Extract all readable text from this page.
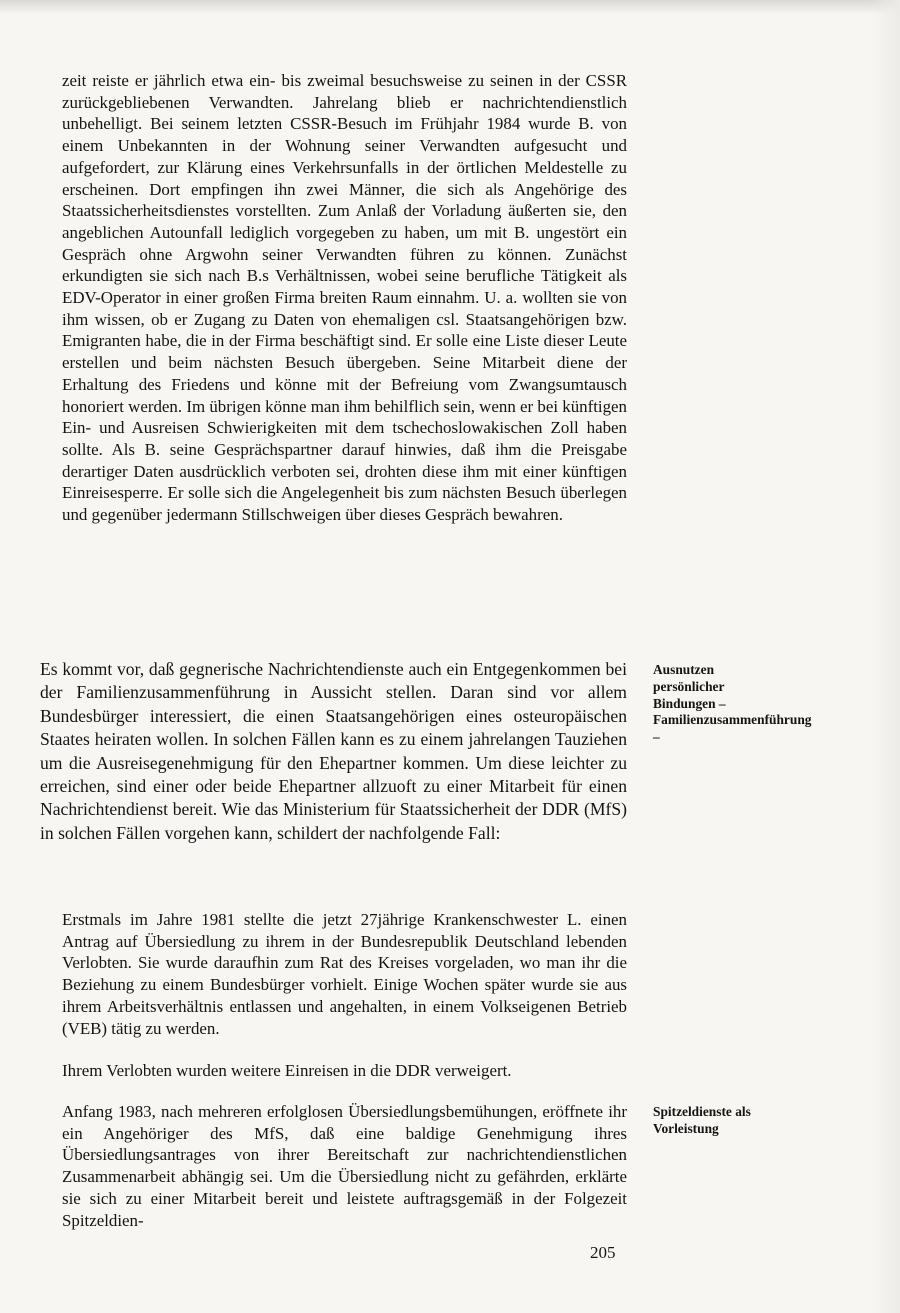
zeit reiste er jährlich etwa ein- bis zweimal besuchsweise zu seinen in der CSSR zurückgebliebenen Verwandten. Jahrelang blieb er nachrichtendienstlich unbehelligt. Bei seinem letzten CSSR-Besuch im Frühjahr 1984 wurde B. von einem Unbekannten in der Wohnung seiner Verwandten aufgesucht und aufgefordert, zur Klärung eines Verkehrsunfalls in der örtlichen Meldestelle zu erscheinen. Dort empfingen ihn zwei Männer, die sich als Angehörige des Staatssicherheitsdienstes vorstellten. Zum Anlaß der Vorladung äußerten sie, den angeblichen Autounfall lediglich vorgegeben zu haben, um mit B. ungestört ein Gespräch ohne Argwohn seiner Verwandten führen zu können. Zunächst erkundigten sie sich nach B.s Verhältnissen, wobei seine berufliche Tätigkeit als EDV-Operator in einer großen Firma breiten Raum einnahm. U. a. wollten sie von ihm wissen, ob er Zugang zu Daten von ehemaligen csl. Staatsangehörigen bzw. Emigranten habe, die in der Firma beschäftigt sind. Er solle eine Liste dieser Leute erstellen und beim nächsten Besuch übergeben. Seine Mitarbeit diene der Erhaltung des Friedens und könne mit der Befreiung vom Zwangsumtausch honoriert werden. Im übrigen könne man ihm behilflich sein, wenn er bei künftigen Ein- und Ausreisen Schwierigkeiten mit dem tschechoslowakischen Zoll haben sollte. Als B. seine Gesprächspartner darauf hinwies, daß ihm die Preisgabe derartiger Daten ausdrücklich verboten sei, drohten diese ihm mit einer künftigen Einreisesperre. Er solle sich die Angelegenheit bis zum nächsten Besuch überlegen und gegenüber jedermann Stillschweigen über dieses Gespräch bewahren.

Es kommt vor, daß gegnerische Nachrichtendienste auch ein Entgegenkommen bei der Familienzusammenführung in Aussicht stellen. Daran sind vor allem Bundesbürger interessiert, die einen Staatsangehörigen eines osteuropäischen Staates heiraten wollen. In solchen Fällen kann es zu einem jahrelangen Tauziehen um die Ausreisegenehmigung für den Ehepartner kommen. Um diese leichter zu erreichen, sind einer oder beide Ehepartner allzuoft zu einer Mitarbeit für einen Nachrichtendienst bereit. Wie das Ministerium für Staatssicherheit der DDR (MfS) in solchen Fällen vorgehen kann, schildert der nachfolgende Fall:

Erstmals im Jahre 1981 stellte die jetzt 27jährige Krankenschwester L. einen Antrag auf Übersiedlung zu ihrem in der Bundesrepublik Deutschland lebenden Verlobten. Sie wurde daraufhin zum Rat des Kreises vorgeladen, wo man ihr die Beziehung zu einem Bundesbürger vorhielt. Einige Wochen später wurde sie aus ihrem Arbeitsverhältnis entlassen und angehalten, in einem Volkseigenen Betrieb (VEB) tätig zu werden.

Ihrem Verlobten wurden weitere Einreisen in die DDR verweigert.

Anfang 1983, nach mehreren erfolglosen Übersiedlungsbemühungen, eröffnete ihr ein Angehöriger des MfS, daß eine baldige Genehmigung ihres Übersiedlungsantrages von ihrer Bereitschaft zur nachrichtendienstlichen Zusammenarbeit abhängig sei. Um die Übersiedlung nicht zu gefährden, erklärte sie sich zu einer Mitarbeit bereit und leistete auftragsgemäß in der Folgezeit Spitzeldien-

Ausnutzen persönlicher Bindungen – Familienzusammenführung –
Spitzeldienste als Vorleistung
205
